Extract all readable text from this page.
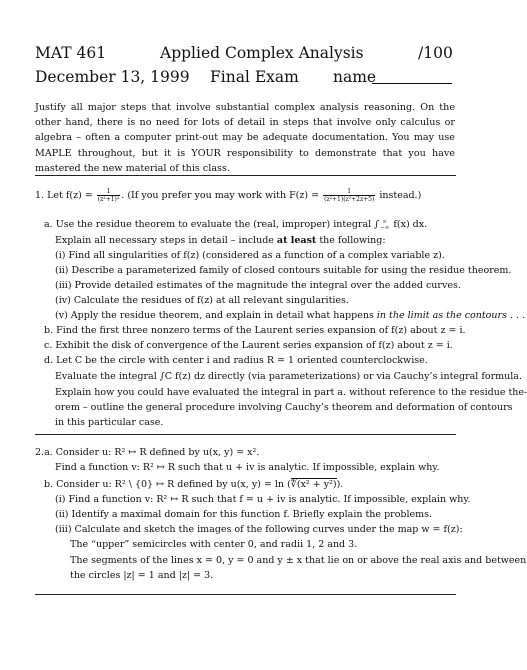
MAT 461	Applied Complex Analysis	/100
December 13, 1999 Final Exam name
Justify all major steps that involve substantial complex analysis reasoning. On the other hand, there is no need for lots of detail in steps that involve only calculus or algebra – often a computer print-out may be adequate documentation. You may use MAPLE throughout, but it is YOUR responsibility to demonstrate that you have mastered the new material of this class.
1. Let $f(z) = \frac{1}{\text{(z²+1)²}}$ . (If you prefer you may work with $F(z) = \frac{1}{\text{(z²+1)(z²+2z+5)}}$ instead.)
a. Use the residue theorem to evaluate the (real, improper) integral ∫ ∞
−∞ f(x) dx.
Explain all necessary steps in detail – include at least the following:
(i) Find all singularities of f(z) (considered as a function of a complex variable z).
(ii) Describe a parameterized family of closed contours suitable for using the residue theorem.
(iii) Provide detailed estimates of the magnitude the integral over the added curves.
(iv) Calculate the residues of f(z) at all relevant singularities.
(v) Apply the residue theorem, and explain in detail what happens in the limit as the contours . . .
b. Find the first three nonzero terms of the Laurent series expansion of f(z) about z = i.
c. Exhibit the disk of convergence of the Laurent series expansion of f(z) about z = i.
d. Let C be the circle with center i and radius R = 1 oriented counterclockwise.
Evaluate the integral ∫C f(z) dz directly (via parameterizations) or via Cauchy’s integral formula.
Explain how you could have evaluated the integral in part a. without reference to the residue the-
orem – outline the general procedure involving Cauchy’s theorem and deformation of contours
in this particular case.
2.a. Consider u: R² ↦ R defined by u(x, y) = x².
Find a function v: R² ↦ R such that u + iv is analytic. If impossible, explain why.
b. Consider u: R² \ {0} ↦ R defined by u(x, y) = ln (∜(x² + y²)).
(i) Find a function v: R² ↦ R such that f = u + iv is analytic. If impossible, explain why.
(ii) Identify a maximal domain for this function f. Briefly explain the problems.
(iii) Calculate and sketch the images of the following curves under the map w = f(z):
The “upper” semicircles with center 0, and radii 1, 2 and 3.
The segments of the lines x = 0, y = 0 and y ± x that lie on or above the real axis and between
the circles |z| = 1 and |z| = 3.
